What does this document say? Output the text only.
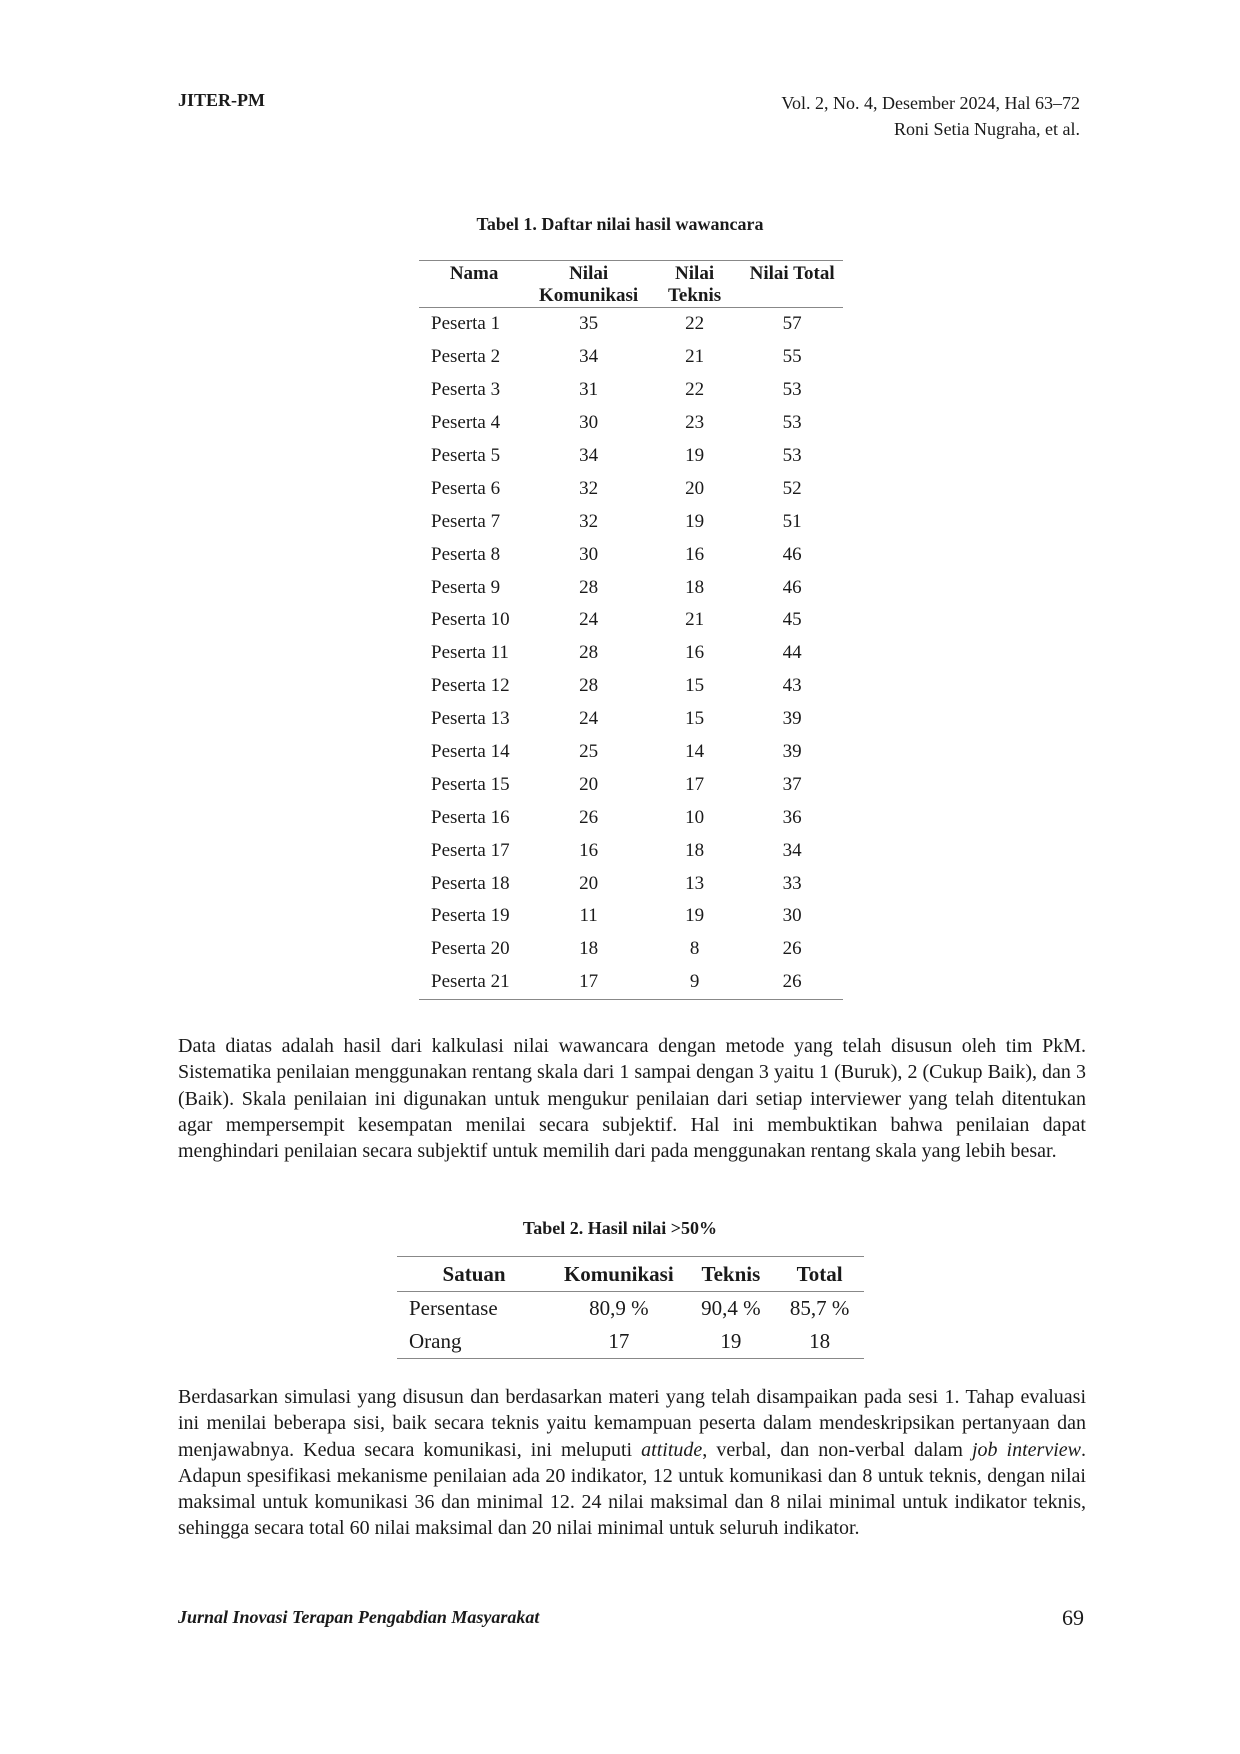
JITER-PM	Vol. 2, No. 4, Desember 2024, Hal 63–72
Roni Setia Nugraha, et al.
Tabel 1. Daftar nilai hasil wawancara
Nama	Nilai Komunikasi	Nilai Teknis	Nilai Total
Peserta 1	35	22	57
Peserta 2	34	21	55
Peserta 3	31	22	53
Peserta 4	30	23	53
Peserta 5	34	19	53
Peserta 6	32	20	52
Peserta 7	32	19	51
Peserta 8	30	16	46
Peserta 9	28	18	46
Peserta 10	24	21	45
Peserta 11	28	16	44
Peserta 12	28	15	43
Peserta 13	24	15	39
Peserta 14	25	14	39
Peserta 15	20	17	37
Peserta 16	26	10	36
Peserta 17	16	18	34
Peserta 18	20	13	33
Peserta 19	11	19	30
Peserta 20	18	8	26
Peserta 21	17	9	26
Data diatas adalah hasil dari kalkulasi nilai wawancara dengan metode yang telah disusun oleh tim PkM. Sistematika penilaian menggunakan rentang skala dari 1 sampai dengan 3 yaitu 1 (Buruk), 2 (Cukup Baik), dan 3 (Baik). Skala penilaian ini digunakan untuk mengukur penilaian dari setiap interviewer yang telah ditentukan agar mempersempit kesempatan menilai secara subjektif. Hal ini membuktikan bahwa penilaian dapat menghindari penilaian secara subjektif untuk memilih dari pada menggunakan rentang skala yang lebih besar.
Tabel 2. Hasil nilai >50%
Satuan	Komunikasi	Teknis	Total
Persentase	80,9 %	90,4 %	85,7 %
Orang	17	19	18
Berdasarkan simulasi yang disusun dan berdasarkan materi yang telah disampaikan pada sesi 1. Tahap evaluasi ini menilai beberapa sisi, baik secara teknis yaitu kemampuan peserta dalam mendeskripsikan pertanyaan dan menjawabnya. Kedua secara komunikasi, ini meluputi attitude, verbal, dan non-verbal dalam job interview. Adapun spesifikasi mekanisme penilaian ada 20 indikator, 12 untuk komunikasi dan 8 untuk teknis, dengan nilai maksimal untuk komunikasi 36 dan minimal 12. 24 nilai maksimal dan 8 nilai minimal untuk indikator teknis, sehingga secara total 60 nilai maksimal dan 20 nilai minimal untuk seluruh indikator.
Jurnal Inovasi Terapan Pengabdian Masyarakat	69
